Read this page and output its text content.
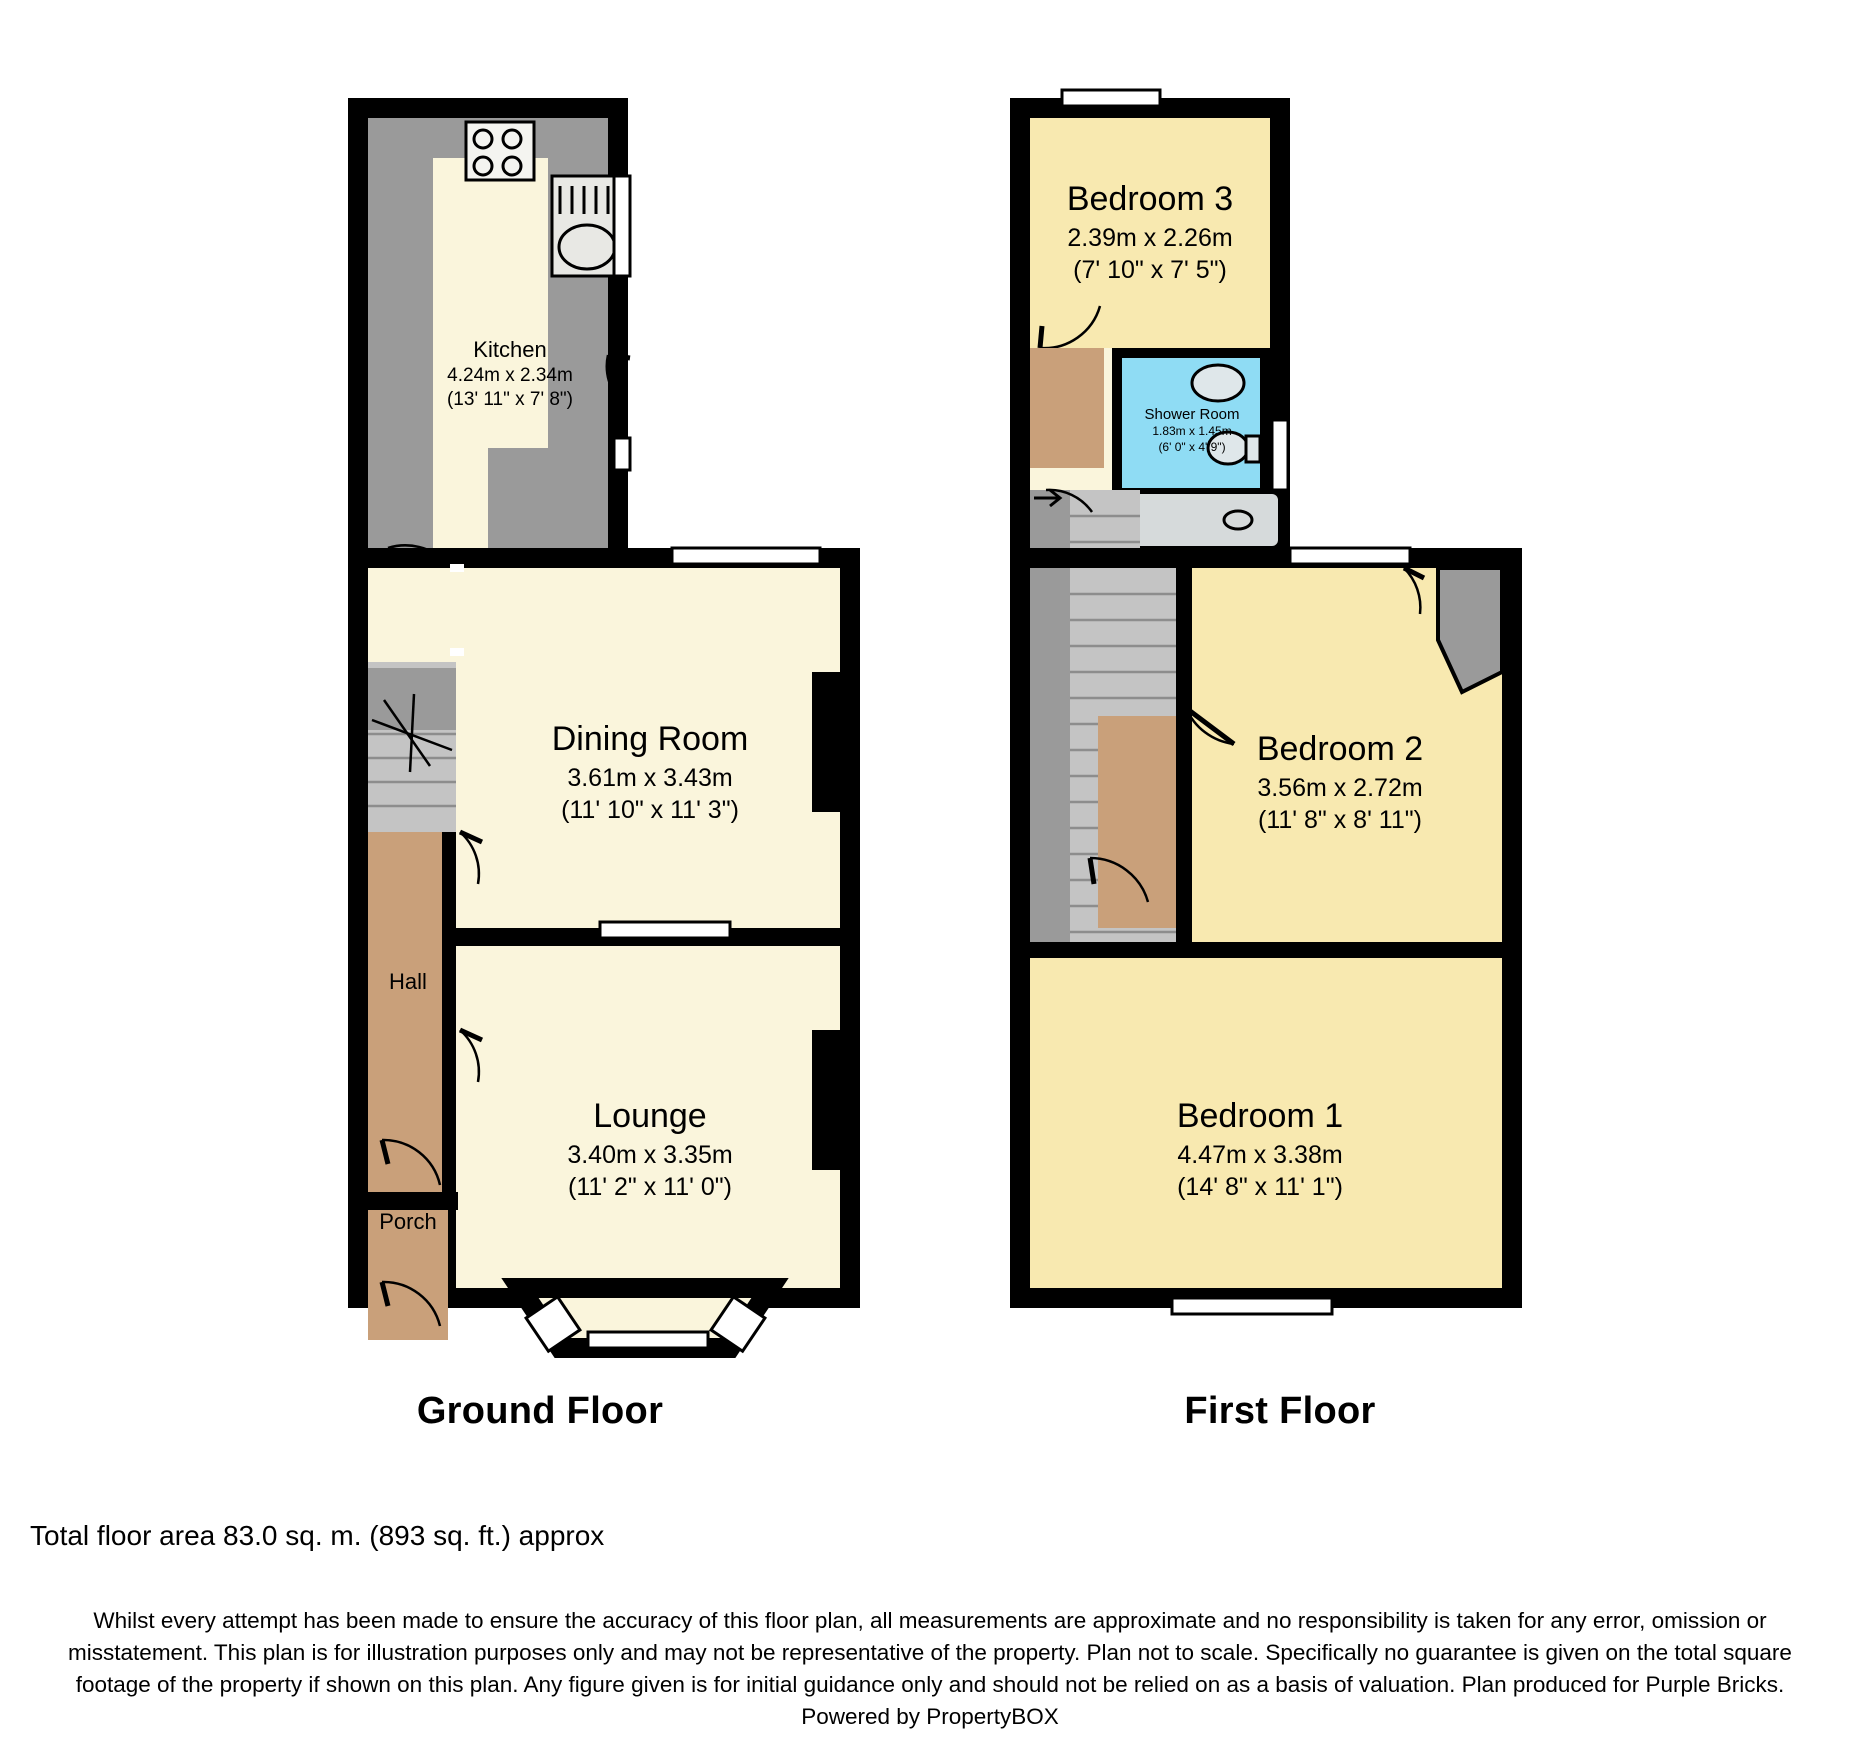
Kitchen
4.24m x 2.34m
(13' 11" x 7' 8")
Dining Room
3.61m x 3.43m
(11' 10" x 11' 3")
Lounge
3.40m x 3.35m
(11' 2" x 11' 0")
Hall
Porch
Bedroom 3
2.39m x 2.26m
(7' 10" x 7' 5")
Shower Room
1.83m x 1.45m
(6' 0" x 4' 9")
Bedroom 2
3.56m x 2.72m
(11' 8" x 8' 11")
Bedroom 1
4.47m x 3.38m
(14' 8" x 11' 1")
Ground Floor	First Floor
Total floor area 83.0 sq. m. (893 sq. ft.) approx
Whilst every attempt has been made to ensure the accuracy of this floor plan, all measurements are approximate and no responsibility is taken for any error, omission or misstatement. This plan is for illustration purposes only and may not be representative of the property. Plan not to scale. Specifically no guarantee is given on the total square footage of the property if shown on this plan. Any figure given is for initial guidance only and should not be relied on as a basis of valuation. Plan produced for Purple Bricks. Powered by PropertyBOX
